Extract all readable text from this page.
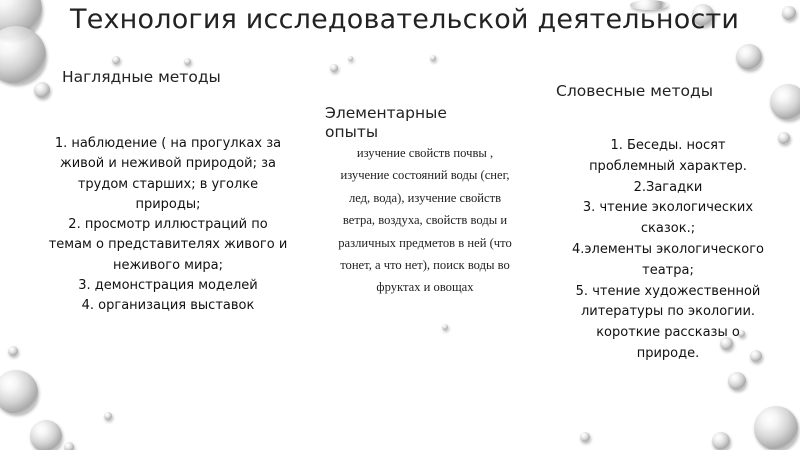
Технология исследовательской деятельности
Наглядные методы
Элементарные опыты
Словесные методы
1. наблюдение ( на прогулках за
живой и неживой природой; за
трудом старших; в уголке
природы;
2. просмотр иллюстраций по
темам о представителях живого и
неживого мира;
3. демонстрация моделей
4. организация выставок
изучение свойств почвы ,
изучение состояний воды (снег,
лед, вода), изучение свойств
ветра, воздуха, свойств воды и
различных предметов в ней (что
тонет, а что нет), поиск воды во
фруктах и овощах
1. Беседы. носят
проблемный характер.
2.Загадки
3. чтение экологических
сказок.;
4.элементы экологического
театра;
5. чтение художественной
литературы по экологии.
короткие рассказы о
природе.
